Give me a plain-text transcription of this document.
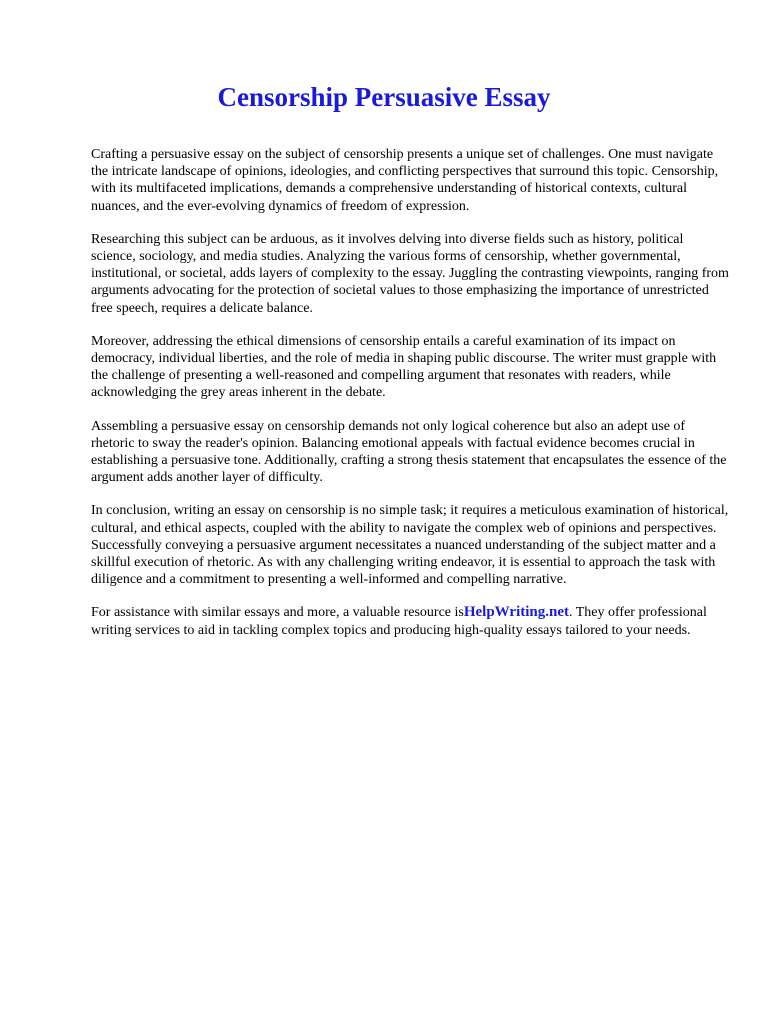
Censorship Persuasive Essay

Crafting a persuasive essay on the subject of censorship presents a unique set of challenges. One must navigate the intricate landscape of opinions, ideologies, and conflicting perspectives that surround this topic. Censorship, with its multifaceted implications, demands a comprehensive understanding of historical contexts, cultural nuances, and the ever-evolving dynamics of freedom of expression.

Researching this subject can be arduous, as it involves delving into diverse fields such as history, political science, sociology, and media studies. Analyzing the various forms of censorship, whether governmental, institutional, or societal, adds layers of complexity to the essay. Juggling the contrasting viewpoints, ranging from arguments advocating for the protection of societal values to those emphasizing the importance of unrestricted free speech, requires a delicate balance.

Moreover, addressing the ethical dimensions of censorship entails a careful examination of its impact on democracy, individual liberties, and the role of media in shaping public discourse. The writer must grapple with the challenge of presenting a well-reasoned and compelling argument that resonates with readers, while acknowledging the grey areas inherent in the debate.

Assembling a persuasive essay on censorship demands not only logical coherence but also an adept use of rhetoric to sway the reader's opinion. Balancing emotional appeals with factual evidence becomes crucial in establishing a persuasive tone. Additionally, crafting a strong thesis statement that encapsulates the essence of the argument adds another layer of difficulty.

In conclusion, writing an essay on censorship is no simple task; it requires a meticulous examination of historical, cultural, and ethical aspects, coupled with the ability to navigate the complex web of opinions and perspectives. Successfully conveying a persuasive argument necessitates a nuanced understanding of the subject matter and a skillful execution of rhetoric. As with any challenging writing endeavor, it is essential to approach the task with diligence and a commitment to presenting a well-informed and compelling narrative.

For assistance with similar essays and more, a valuable resource isHelpWriting.net. They offer professional writing services to aid in tackling complex topics and producing high-quality essays tailored to your needs.
